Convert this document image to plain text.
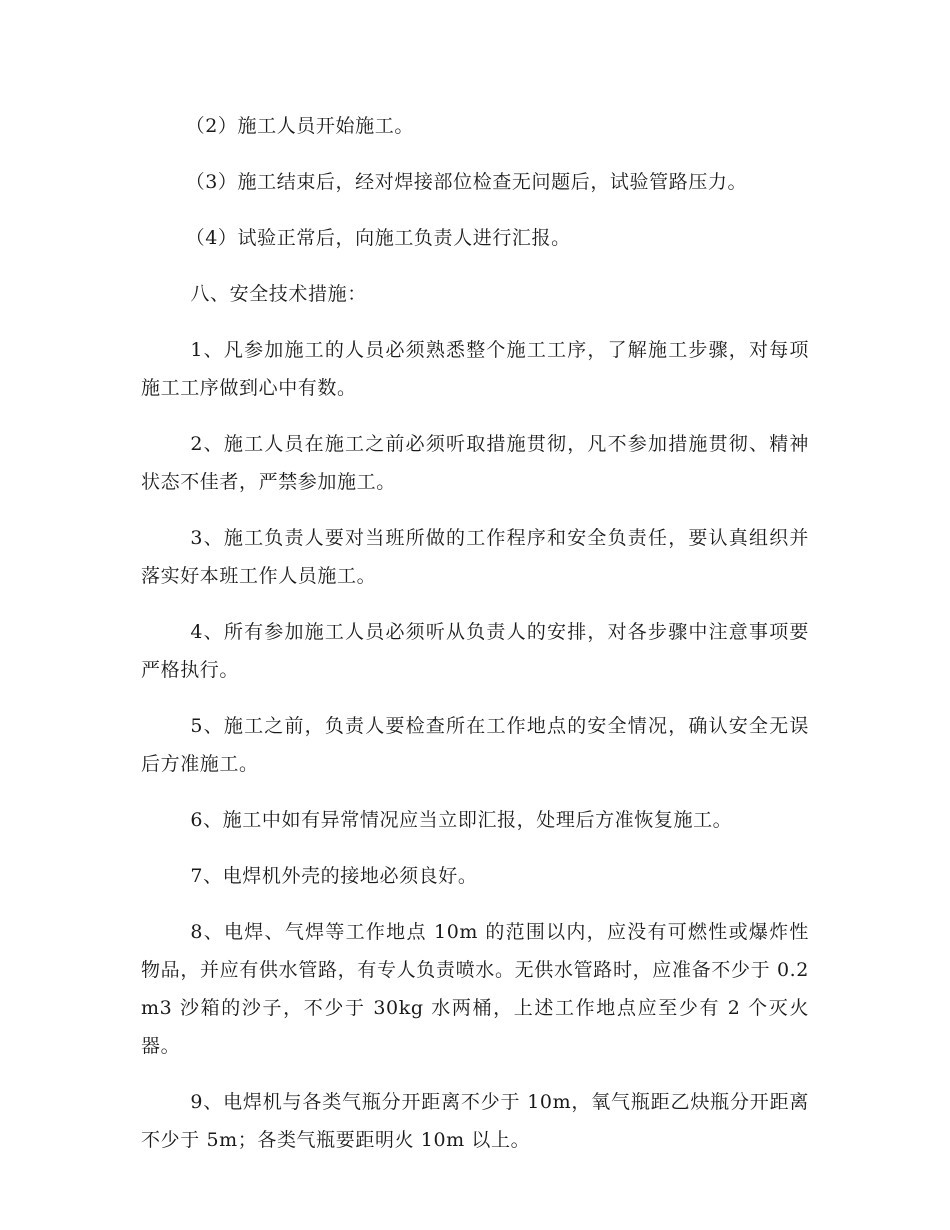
（2）施工人员开始施工。

（3）施工结束后，经对焊接部位检查无问题后，试验管路压力。

（4）试验正常后，向施工负责人进行汇报。

八、安全技术措施：

1、凡参加施工的人员必须熟悉整个施工工序，了解施工步骤，对每项施工工序做到心中有数。

2、施工人员在施工之前必须听取措施贯彻，凡不参加措施贯彻、精神状态不佳者，严禁参加施工。

3、施工负责人要对当班所做的工作程序和安全负责任，要认真组织并落实好本班工作人员施工。

4、所有参加施工人员必须听从负责人的安排，对各步骤中注意事项要严格执行。

5、施工之前，负责人要检查所在工作地点的安全情况，确认安全无误后方准施工。

6、施工中如有异常情况应当立即汇报，处理后方准恢复施工。

7、电焊机外壳的接地必须良好。

8、电焊、气焊等工作地点 10m 的范围以内，应没有可燃性或爆炸性物品，并应有供水管路，有专人负责喷水。无供水管路时，应准备不少于 0.2m3 沙箱的沙子，不少于 30kg 水两桶，上述工作地点应至少有 2 个灭火器。

9、电焊机与各类气瓶分开距离不少于 10m，氧气瓶距乙炔瓶分开距离不少于 5m；各类气瓶要距明火 10m 以上。
